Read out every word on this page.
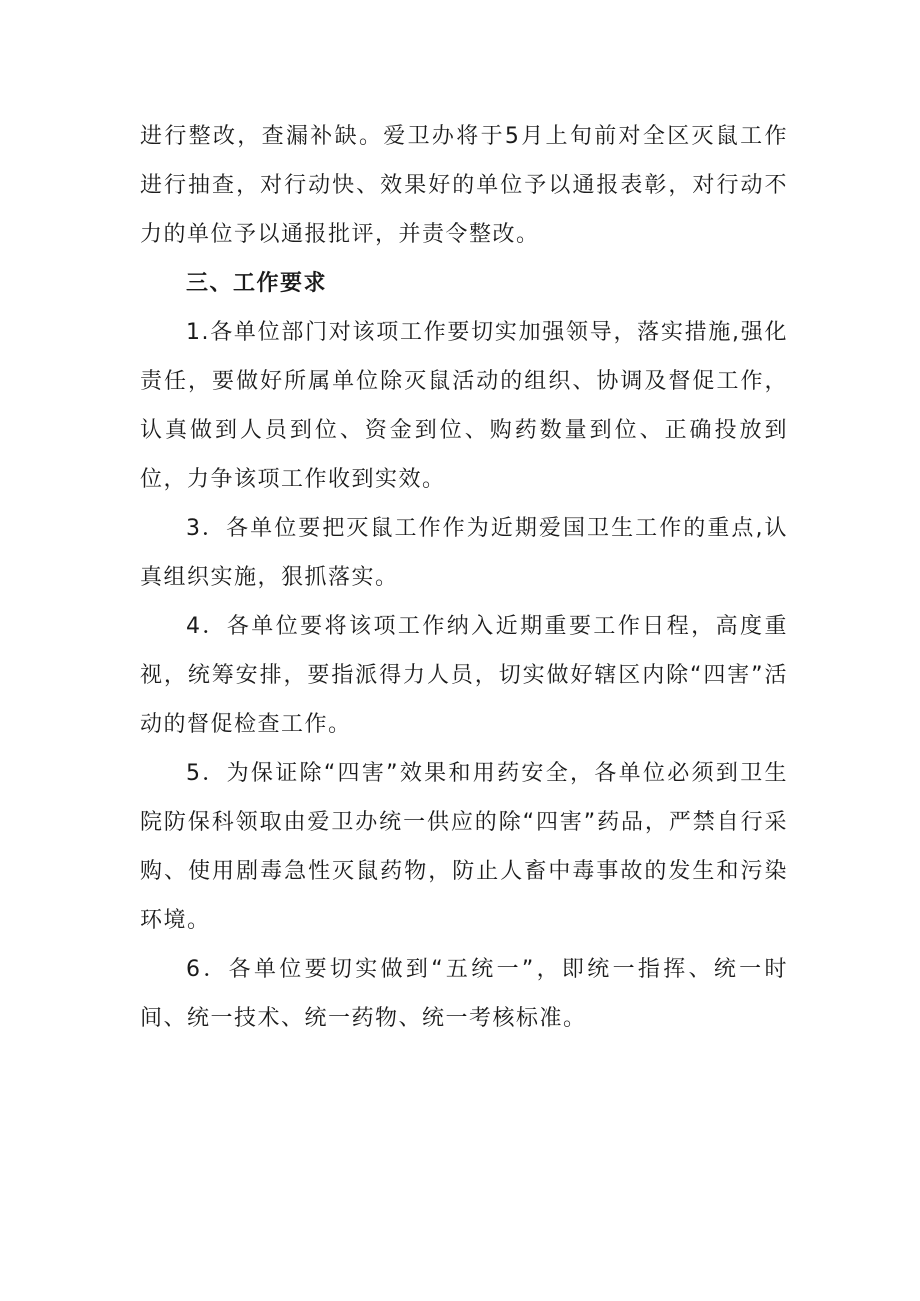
进行整改，查漏补缺。爱卫办将于5月上旬前对全区灭鼠工作进行抽查，对行动快、效果好的单位予以通报表彰，对行动不力的单位予以通报批评，并责令整改。

三、工作要求

1.各单位部门对该项工作要切实加强领导，落实措施,强化责任，要做好所属单位除灭鼠活动的组织、协调及督促工作，认真做到人员到位、资金到位、购药数量到位、正确投放到位，力争该项工作收到实效。

3．各单位要把灭鼠工作作为近期爱国卫生工作的重点,认真组织实施，狠抓落实。

4．各单位要将该项工作纳入近期重要工作日程，高度重视，统筹安排，要指派得力人员，切实做好辖区内除“四害”活动的督促检查工作。

5．为保证除“四害”效果和用药安全，各单位必须到卫生院防保科领取由爱卫办统一供应的除“四害”药品，严禁自行采购、使用剧毒急性灭鼠药物，防止人畜中毒事故的发生和污染环境。

6．各单位要切实做到“五统一”，即统一指挥、统一时间、统一技术、统一药物、统一考核标准。
